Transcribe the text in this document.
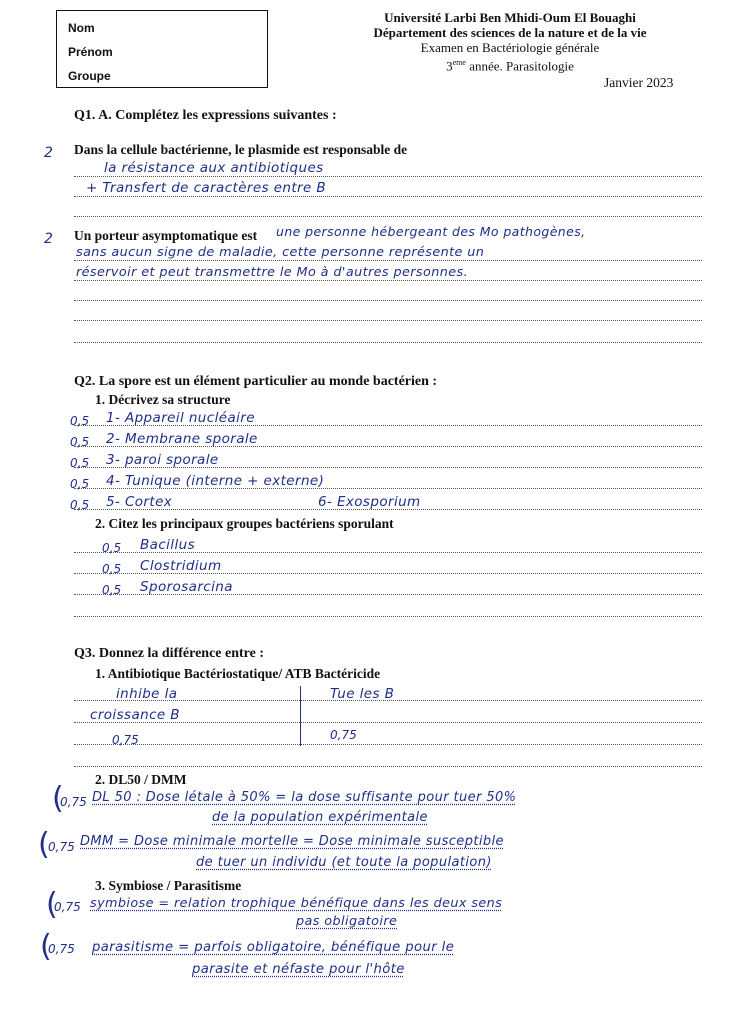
Nom
Prénom
Groupe
Université Larbi Ben Mhidi-Oum El Bouaghi
Département des sciences de la nature et de la vie
Examen en Bactériologie générale
3eme année. Parasitologie
Janvier 2023
Q1. A. Complétez les expressions suivantes :
2 Dans la cellule bactérienne, le plasmide est responsable de
la résistance aux antibiotiques
+ Transfert de caractères entre B
2 Un porteur asymptomatique est une personne hébergeant des Mo pathogènes,
sans aucun signe de maladie, cette personne représente un
réservoir et peut transmettre le Mo à d'autres personnes.
Q2. La spore est un élément particulier au monde bactérien :
1. Décrivez sa structure
0,5 1- Appareil nucléaire
0,5 2- Membrane sporale
0,5 3- paroi sporale
0,5 4- Tunique (interne + externe)
0,5 5- Cortex	6- Exosporium
2. Citez les principaux groupes bactériens sporulant
0,5 Bacillus
0,5 Clostridium
0,5 Sporosarcina
Q3. Donnez la différence entre :
1. Antibiotique Bactériostatique/ ATB Bactéricide
inhibe la
croissance B
Tue les B
0,75	0,75
2. DL50 / DMM
(
0,75 DL 50 : Dose létale à 50% = la dose suffisante pour tuer 50%
de la population expérimentale
(
0,75 DMM = Dose minimale mortelle = Dose minimale susceptible
de tuer un individu (et toute la population)
3. Symbiose / Parasitisme
(
0,75 symbiose = relation trophique bénéfique dans les deux sens
pas obligatoire
(
0,75 parasitisme = parfois obligatoire, bénéfique pour le
parasite et néfaste pour l'hôte
